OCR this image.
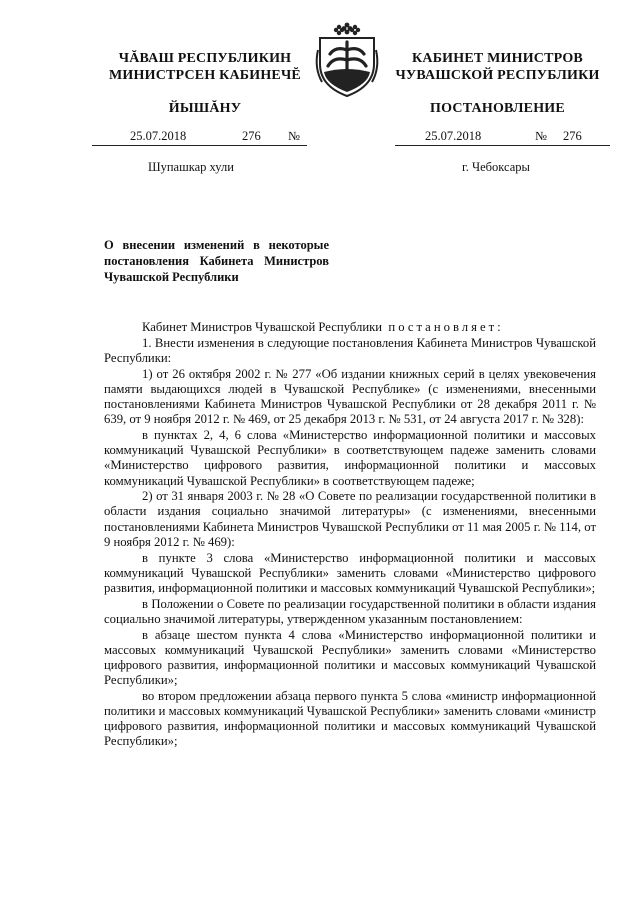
ЧĂВАШ РЕСПУБЛИКИН
МИНИСТРСЕН КАБИНЕЧĔ
ЙЫШĂНУ
КАБИНЕТ МИНИСТРОВ
ЧУВАШСКОЙ РЕСПУБЛИКИ
ПОСТАНОВЛЕНИЕ
25.07.2018	276 №	25.07.2018	№ 276
Шупашкар хули	г. Чебоксары
О внесении изменений в некоторые постановления Кабинета Министров Чувашской Республики

Кабинет Министров Чувашской Республики постановляет:

1. Внести изменения в следующие постановления Кабинета Министров Чувашской Республики:

1) от 26 октября 2002 г. № 277 «Об издании книжных серий в целях увековечения памяти выдающихся людей в Чувашской Республике» (с изменениями, внесенными постановлениями Кабинета Министров Чувашской Республики от 28 декабря 2011 г. № 639, от 9 ноября 2012 г. № 469, от 25 декабря 2013 г. № 531, от 24 августа 2017 г. № 328):

в пунктах 2, 4, 6 слова «Министерство информационной политики и массовых коммуникаций Чувашской Республики» в соответствующем падеже заменить словами «Министерство цифрового развития, информационной политики и массовых коммуникаций Чувашской Республики» в соответствующем падеже;

2) от 31 января 2003 г. № 28 «О Совете по реализации государственной политики в области издания социально значимой литературы» (с изменениями, внесенными постановлениями Кабинета Министров Чувашской Республики от 11 мая 2005 г. № 114, от 9 ноября 2012 г. № 469):

в пункте 3 слова «Министерство информационной политики и массовых коммуникаций Чувашской Республики» заменить словами «Министерство цифрового развития, информационной политики и массовых коммуникаций Чувашской Республики»;

в Положении о Совете по реализации государственной политики в области издания социально значимой литературы, утвержденном указанным постановлением:

в абзаце шестом пункта 4 слова «Министерство информационной политики и массовых коммуникаций Чувашской Республики» заменить словами «Министерство цифрового развития, информационной политики и массовых коммуникаций Чувашской Республики»;

во втором предложении абзаца первого пункта 5 слова «министр информационной политики и массовых коммуникаций Чувашской Республики» заменить словами «министр цифрового развития, информационной политики и массовых коммуникаций Чувашской Республики»;
